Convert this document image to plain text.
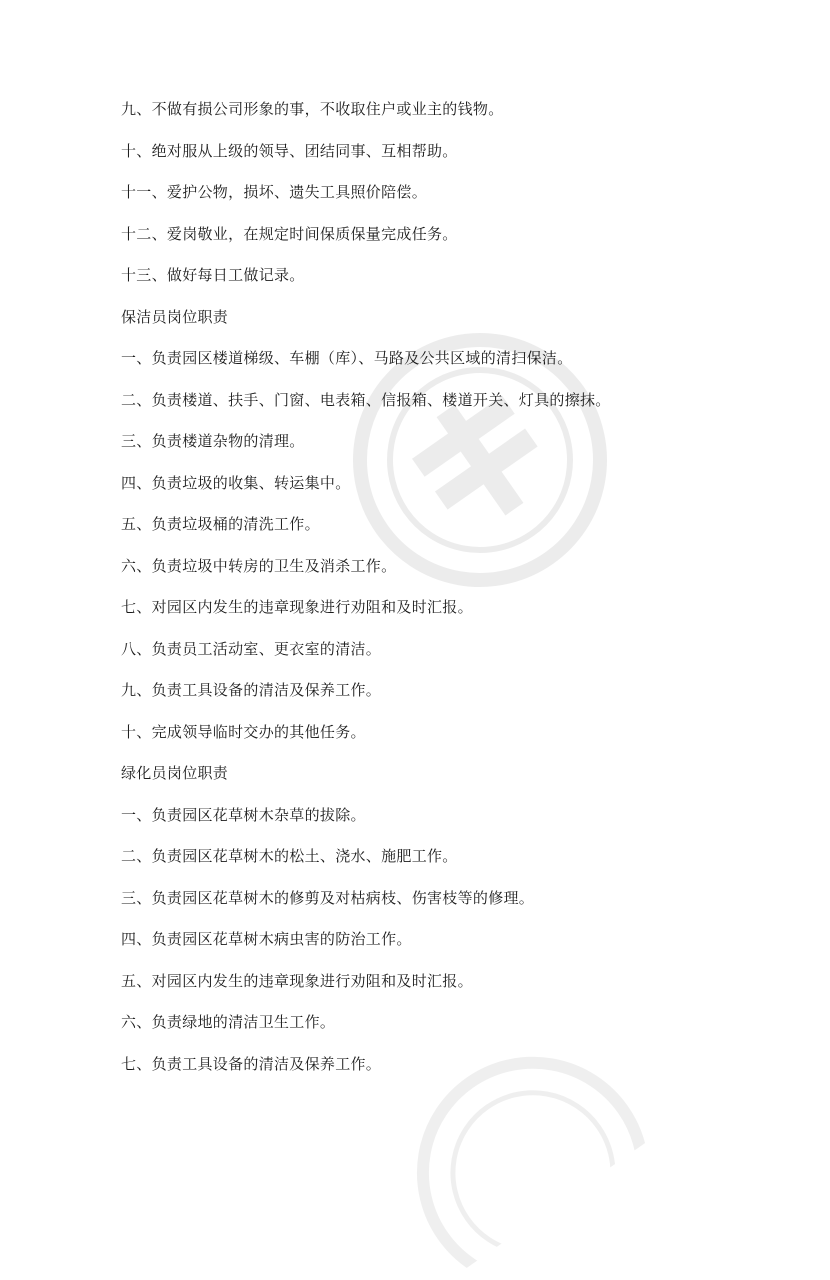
九、不做有损公司形象的事，不收取住户或业主的钱物。
十、绝对服从上级的领导、团结同事、互相帮助。
十一、爱护公物，损坏、遗失工具照价陪偿。
十二、爱岗敬业，在规定时间保质保量完成任务。
十三、做好每日工做记录。
保洁员岗位职责
一、负责园区楼道梯级、车棚（库）、马路及公共区域的清扫保洁。
二、负责楼道、扶手、门窗、电表箱、信报箱、楼道开关、灯具的擦抹。
三、负责楼道杂物的清理。
四、负责垃圾的收集、转运集中。
五、负责垃圾桶的清洗工作。
六、负责垃圾中转房的卫生及消杀工作。
七、对园区内发生的违章现象进行劝阻和及时汇报。
八、负责员工活动室、更衣室的清洁。
九、负责工具设备的清洁及保养工作。
十、完成领导临时交办的其他任务。
绿化员岗位职责
一、负责园区花草树木杂草的拔除。
二、负责园区花草树木的松土、浇水、施肥工作。
三、负责园区花草树木的修剪及对枯病枝、伤害枝等的修理。
四、负责园区花草树木病虫害的防治工作。
五、对园区内发生的违章现象进行劝阻和及时汇报。
六、负责绿地的清洁卫生工作。
七、负责工具设备的清洁及保养工作。
